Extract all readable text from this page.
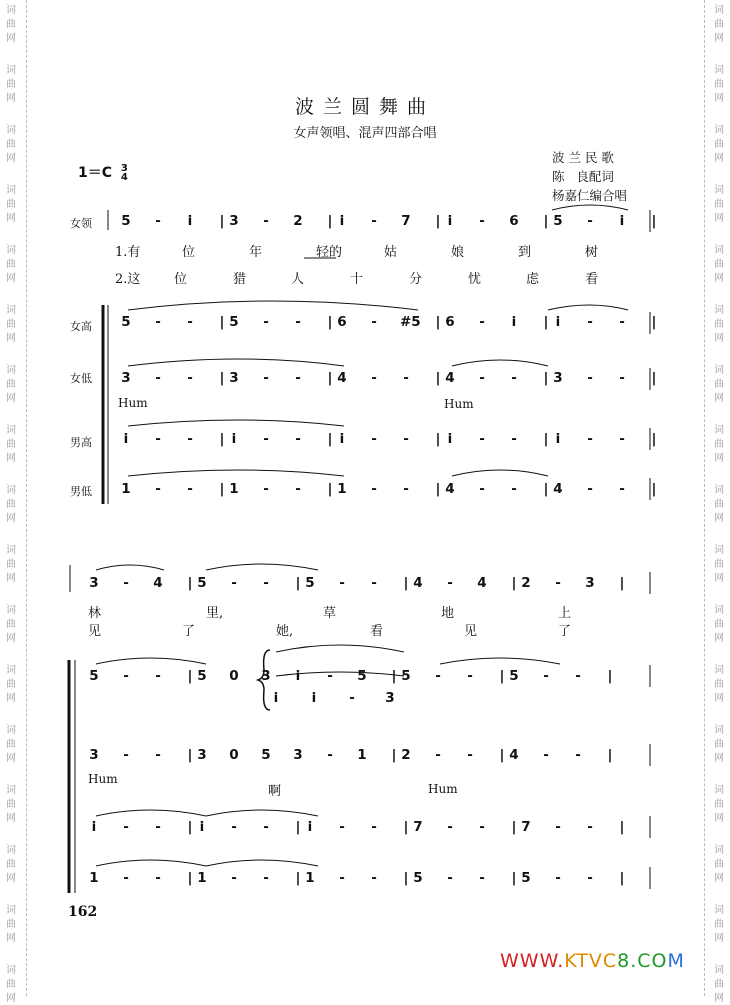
词
曲
网
词
曲
网
词
曲
网
词
曲
网
词
曲
网
词
曲
网
词
曲
网
词
曲
网
词
曲
网
词
曲
网
词
曲
网
词
曲
网
词
曲
网
词
曲
网
词
曲
网
词
曲
网
词
曲
网
词
曲
网
词
曲
网
词
曲
网
词
曲
网
词
曲
网
词
曲
网
词
曲
网
词
曲
网
词
曲
网
词
曲
网
词
曲
网
词
曲
网
词
曲
网
词
曲
网
词
曲
网
词
曲
网
词
曲
网
波兰圆舞曲
女声领唱、混声四部合唱
1＝C 3
4
波 兰 民 歌
陈   良配词
杨嘉仁编合唱
女领
女高
女低
男高
男低
5 - i | 3 - 2 | i - 7 | i - 6 | 5 - i |
1.有	位	年	轻的	姑	娘	到	树
2.这	位	猎	人	十	分	忧	虑	看
5 - - | 5 - - | 6 - #5 | 6 - i | i - - |
3 - - | 3 - - | 4 - - | 4 - - | 3 - - |
Hum	Hum
i - - | i - - | i - - | i - - | i - - |
1 - - | 1 - - | 1 - - | 4 - - | 4 - - |
3 - 4 | 5 - - | 5 - - | 4 - 4 | 2 - 3 |
林	里,	草	地	上
见	了	她,	看	见	了
5 - - | 5 0 3 i - 5 | 5 - - | 5 - - |
i i - 3
3 - - | 3 0 5 3 - 1 | 2 - - | 4 - - |
Hum
啊	Hum
i - - | i - - | i - - | 7 - - | 7 - - |
1 - - | 1 - - | 1 - - | 5 - - | 5 - - |
162
WWW.KTVC8.COM
